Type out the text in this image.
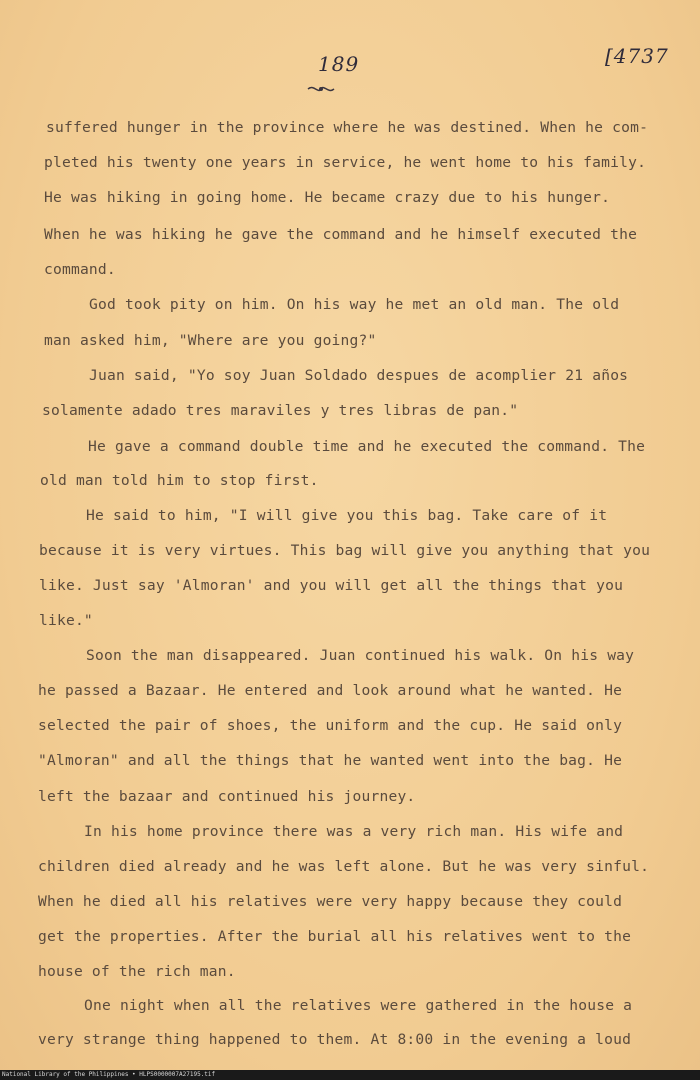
189	[4737

suffered hunger in the province where he was destined. When he com-

pleted his twenty one years in service, he went home to his family.

He was hiking in going home. He became crazy due to his hunger.

When he was hiking he gave the command and he himself executed the

command.

God took pity on him. On his way he met an old man. The old

man asked him, "Where are you going?"

Juan said, "Yo soy Juan Soldado despues de acomplier 21 años

solamente adado tres maraviles y tres libras de pan."

He gave a command double time and he executed the command. The

old man told him to stop first.

He said to him, "I will give you this bag. Take care of it

because it is very virtues. This bag will give you anything that you

like. Just say 'Almoran' and you will get all the things that you

like."

Soon the man disappeared. Juan continued his walk. On his way

he passed a Bazaar. He entered and look around what he wanted. He

selected the pair of shoes, the uniform and the cup. He said only

"Almoran" and all the things that he wanted went into the bag. He

left the bazaar and continued his journey.

In his home province there was a very rich man. His wife and

children died already and he was left alone. But he was very sinful.

When he died all his relatives were very happy because they could

get the properties. After the burial all his relatives went to the

house of the rich man.

One night when all the relatives were gathered in the house a

very strange thing happened to them. At 8:00 in the evening a loud

National Library of the Philippines • HLPS0000007A27195.tif
